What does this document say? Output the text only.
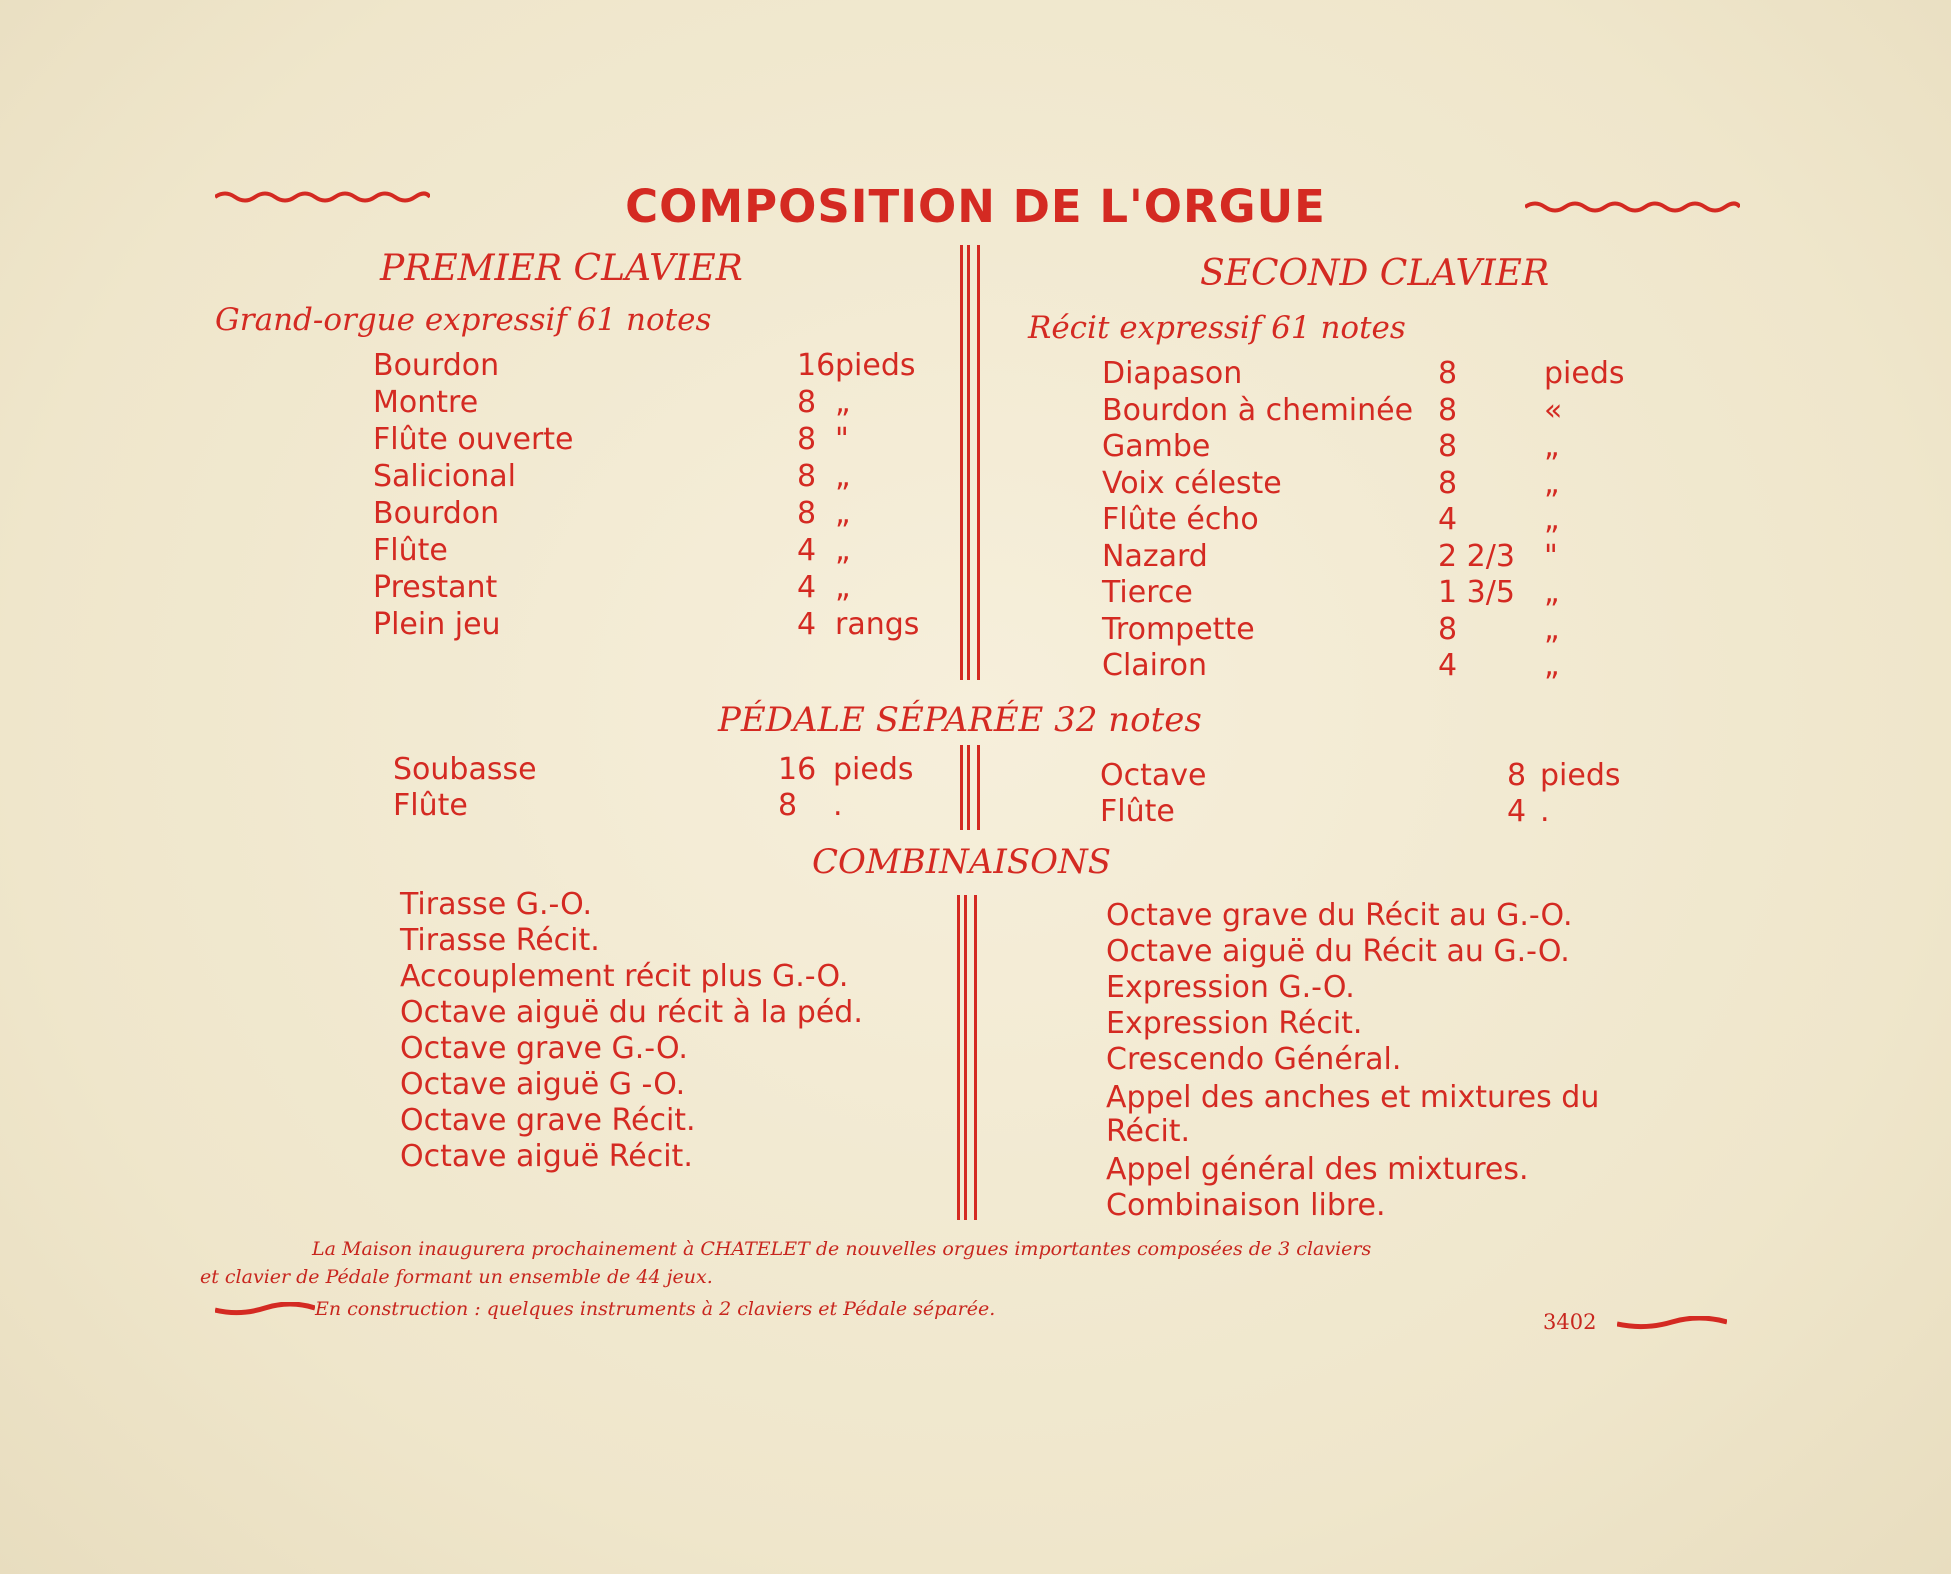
COMPOSITION DE L'ORGUE
PREMIER CLAVIER	SECOND CLAVIER
Grand-orgue expressif 61 notes	Récit expressif 61 notes
Bourdon	16 pieds
Montre	8 „
Flûte ouverte	8 "
Salicional	8 „
Bourdon	8 „
Flûte	4 „
Prestant	4 „
Plein jeu	4 rangs
Diapason	8	pieds
Bourdon à cheminée 8	«
Gambe	8	„
Voix céleste	8	„
Flûte écho	4	„
Nazard	2 2/3 "
Tierce	1 3/5 „
Trompette	8	„
Clairon	4	„
PÉDALE SÉPARÉE 32 notes
Soubasse	16 pieds
Flûte	8 .
Octave	8 pieds
Flûte	4 .
COMBINAISONS
Tirasse G.-O.
Tirasse Récit.
Accouplement récit plus G.-O.
Octave aiguë du récit à la péd.
Octave grave G.-O.
Octave aiguë G -O.
Octave grave Récit.
Octave aiguë Récit.
Octave grave du Récit au G.-O.
Octave aiguë du Récit au G.-O.
Expression G.-O.
Expression Récit.
Crescendo Général.
Appel des anches et mixtures du
Récit.
Appel général des mixtures.
Combinaison libre.
La Maison inaugurera prochainement à CHATELET de nouvelles orgues importantes composées de 3 claviers
et clavier de Pédale formant un ensemble de 44 jeux.
En construction : quelques instruments à 2 claviers et Pédale séparée.
3402
